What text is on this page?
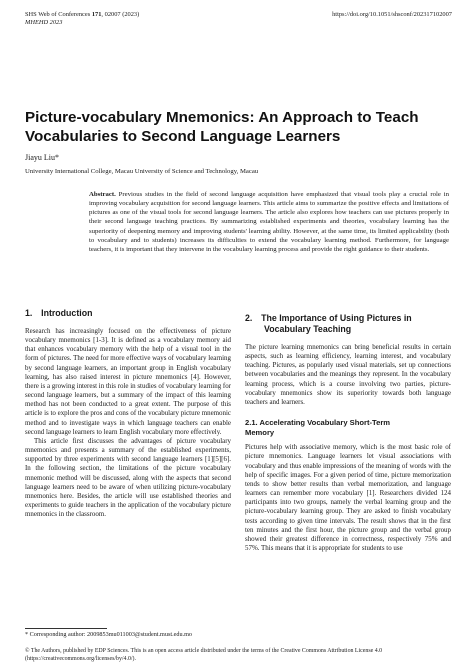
SHS Web of Conferences 171, 02007 (2023)
MHEHD 2023
https://doi.org/10.1051/shsconf/202317102007
Picture-vocabulary Mnemonics: An Approach to Teach Vocabularies to Second Language Learners
Jiayu Liu*
University International College, Macau University of Science and Technology, Macau
Abstract. Previous studies in the field of second language acquisition have emphasized that visual tools play a crucial role in improving vocabulary acquisition for second language learners. This article aims to summarize the positive effects and limitations of pictures as one of the visual tools for second language learners. The article also explores how teachers can use pictures properly in their second language teaching practices. By summarizing established experiments and theories, vocabulary learning has the superiority of deepening memory and improving students' learning ability. However, at the same time, its limited applicability (both to vocabulary and to students) increases its difficulties to extend the vocabulary learning method. Furthermore, for language teachers, it is important that they intervene in the vocabulary learning process and provide the right guidance to their students.
1. Introduction

Research has increasingly focused on the effectiveness of picture vocabulary mnemonics [1-3]. It is defined as a vocabulary memory aid that enhances vocabulary memory with the help of a visual tool in the form of pictures. The need for more effective ways of vocabulary learning by second language learners, an important group in English vocabulary learning, has also raised interest in picture mnemonics [4]. However, there is a growing interest in this role in studies of vocabulary learning for second language learners, but a summary of the impact of this learning method has not been conducted to a great extent. The purpose of this article is to explore the pros and cons of the vocabulary picture mnemonic method and to investigate ways in which language teachers can enable second language learners to learn English vocabulary more effectively.

This article first discusses the advantages of picture vocabulary mnemonics and presents a summary of the established experiments, supported by three experiments with second language learners [1][5][6]. In the following section, the limitations of the picture vocabulary mnemonic method will be discussed, along with the aspects that second language learners need to be aware of when utilizing picture-vocabulary mnemonics here. Besides, the article will use established theories and experiments to guide teachers in the application of the vocabulary picture mnemonics in the classroom.

2. The Importance of Using Pictures in
Vocabulary Teaching

The picture learning mnemonics can bring beneficial results in certain aspects, such as learning efficiency, learning interest, and vocabulary teaching. Pictures, as popularly used visual materials, set up connections between vocabularies and the meanings they represent. In the vocabulary learning process, which is a course involving two parties, picture-vocabulary mnemonics show its superiority towards both language teachers and learners.

2.1. Accelerating Vocabulary Short-Term
Memory

Pictures help with associative memory, which is the most basic role of picture mnemonics. Language learners let visual associations with vocabulary and thus enable impressions of the meaning of words with the help of specific images. For a given period of time, picture memorization tends to show better results than verbal memorization, and language learners can remember more vocabulary [1]. Researchers divided 124 participants into two groups, namely the verbal learning group and the picture-vocabulary learning group. They are asked to finish vocabulary tests according to given time intervals. The result shows that in the first ten minutes and the first hour, the picture group and the verbal group showed their greatest difference in correctness, respectively 75% and 57%. This means that it is appropriate for students to use

* Corresponding author: 2009853mu011003@student.must.edu.mo
© The Authors, published by EDP Sciences. This is an open access article distributed under the terms of the Creative Commons Attribution License 4.0 (https://creativecommons.org/licenses/by/4.0/).
